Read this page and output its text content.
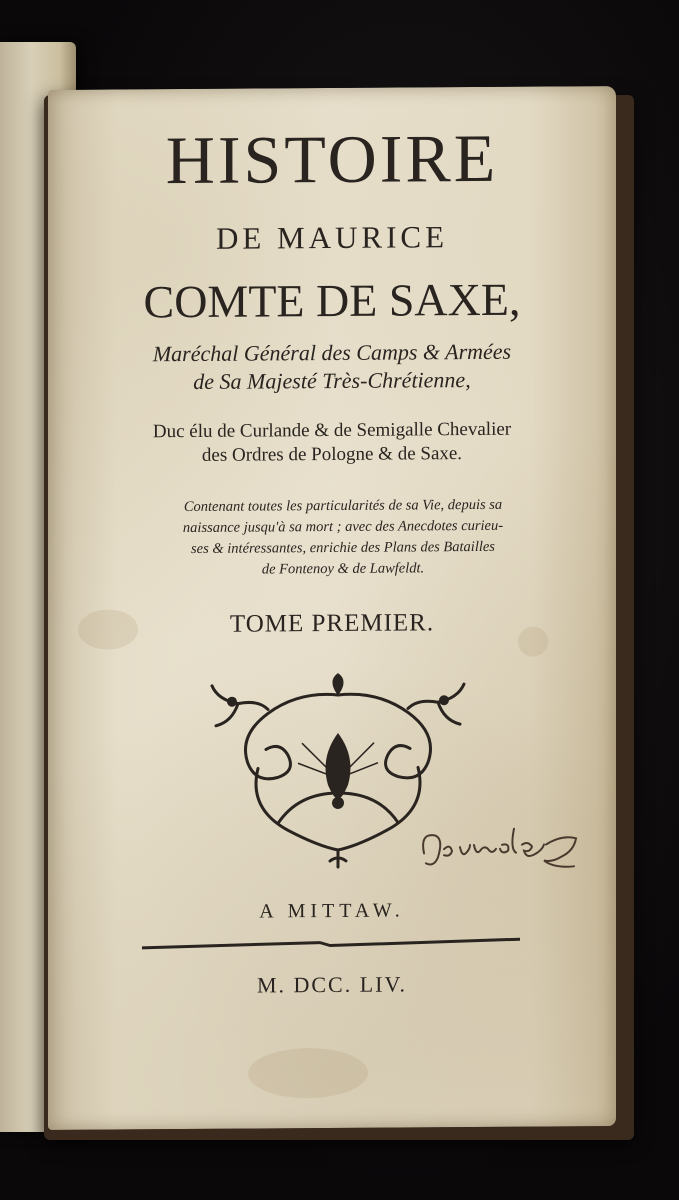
HISTOIRE
DE MAURICE
COMTE DE SAXE,
Maréchal Général des Camps & Armées
de Sa Majesté Très-Chrétienne,
Duc élu de Curlande & de Semigalle Chevalier
des Ordres de Pologne & de Saxe.
Contenant toutes les particularités de sa Vie, depuis sa
naissance jusqu'à sa mort ; avec des Anecdotes curieu-
ses & intéressantes, enrichie des Plans des Batailles
de Fontenoy & de Lawfeldt.
TOME PREMIER.
A MITTAW.
M. DCC. LIV.
